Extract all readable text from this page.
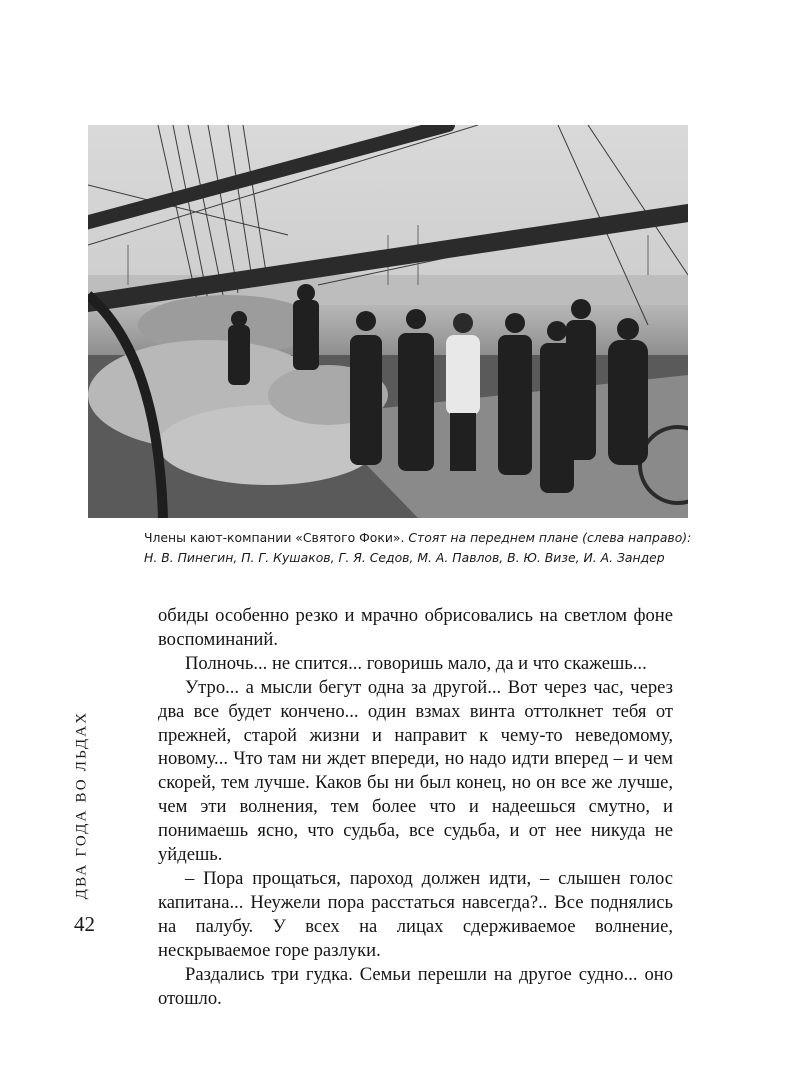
Члены кают-компании «Святого Фоки». Стоят на переднем плане (слева направо):
Н. В. Пинегин, П. Г. Кушаков, Г. Я. Седов, М. А. Павлов, В. Ю. Визе, И. А. Зандер

обиды особенно резко и мрачно обрисовались на светлом фоне воспоминаний.

Полночь... не спится... говоришь мало, да и что скажешь...

Утро... а мысли бегут одна за другой... Вот через час, через два все будет кончено... один взмах винта оттолкнет тебя от прежней, старой жизни и направит к чему-то неведомому, новому... Что там ни ждет впереди, но надо идти вперед – и чем скорей, тем лучше. Каков бы ни был конец, но он все же лучше, чем эти волнения, тем более что и надеешься смутно, и понимаешь ясно, что судьба, все судьба, и от нее никуда не уйдешь.

– Пора прощаться, пароход должен идти, – слышен голос капитана... Неужели пора расстаться навсегда?.. Все поднялись на палубу. У всех на лицах сдерживаемое волнение, нескрываемое горе разлуки.

Раздались три гудка. Семьи перешли на другое судно... оно отошло.

ДВА ГОДА ВО ЛЬДАХ
42
